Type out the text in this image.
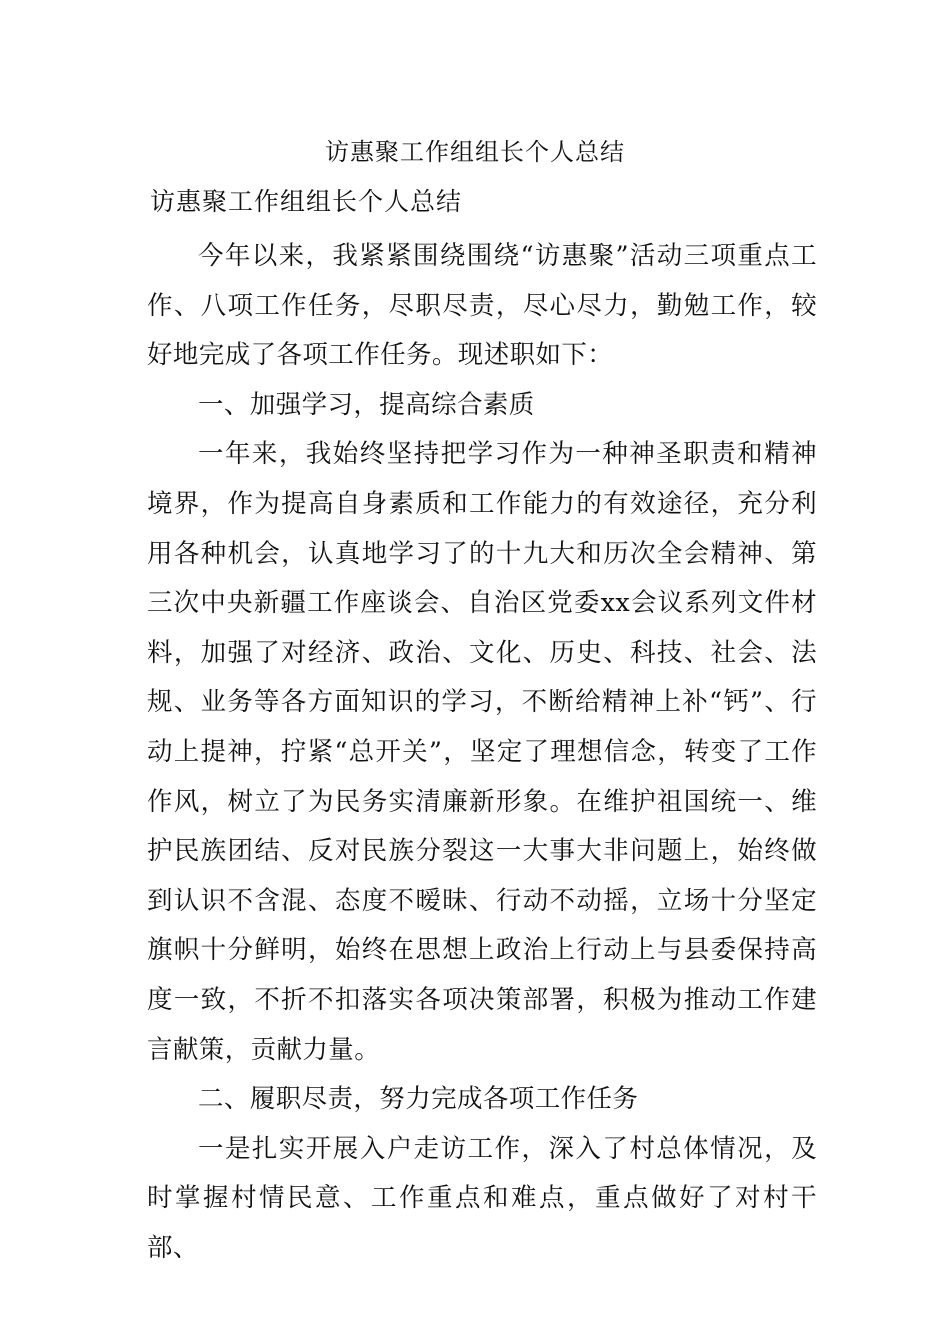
访惠聚工作组组长个人总结
访惠聚工作组组长个人总结

今年以来，我紧紧围绕围绕“访惠聚”活动三项重点工作、八项工作任务，尽职尽责，尽心尽力，勤勉工作，较好地完成了各项工作任务。现述职如下：

一、加强学习，提高综合素质

一年来，我始终坚持把学习作为一种神圣职责和精神境界，作为提高自身素质和工作能力的有效途径，充分利用各种机会，认真地学习了的十九大和历次全会精神、第三次中央新疆工作座谈会、自治区党委xx会议系列文件材料，加强了对经济、政治、文化、历史、科技、社会、法规、业务等各方面知识的学习，不断给精神上补“钙”、行动上提神，拧紧“总开关”，坚定了理想信念，转变了工作作风，树立了为民务实清廉新形象。在维护祖国统一、维护民族团结、反对民族分裂这一大事大非问题上，始终做到认识不含混、态度不暧昧、行动不动摇，立场十分坚定旗帜十分鲜明，始终在思想上政治上行动上与县委保持高度一致，不折不扣落实各项决策部署，积极为推动工作建言献策，贡献力量。

二、履职尽责，努力完成各项工作任务

一是扎实开展入户走访工作，深入了村总体情况，及时掌握村情民意、工作重点和难点，重点做好了对村干部、
